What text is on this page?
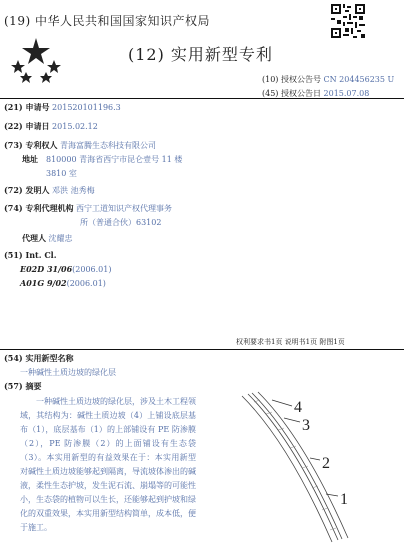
(19) 中华人民共和国国家知识产权局
(12) 实用新型专利
(10) 授权公告号 CN 204456235 U
(45) 授权公告日 2015.07.08
(21) 申请号 201520101196.3
(22) 申请日 2015.02.12
(73) 专利权人 青海富腾生态科技有限公司
地址 810000 青海省西宁市昆仑壹号 11 楼
3810 室
(72) 发明人 邓洪 池秀梅
(74) 专利代理机构 西宁工道知识产权代理事务
所（普通合伙）63102
代理人 沈耀忠
(51) Int. Cl.
E02D 31/06(2006.01)
A01G 9/02(2006.01)
权利要求书1页 说明书1页 附图1页
(54) 实用新型名称
一种碱性土质边坡的绿化层
(57) 摘要
一种碱性土质边坡的绿化层，涉及土木工程领域，其结构为：碱性土质边坡（4）上铺设底层基布（1），底层基布（1）的上部铺设有 PE 防渗膜（2），PE 防渗膜（2）的上面铺设有生态袋（3）。本实用新型的有益效果在于：本实用新型对碱性土质边坡能够起到隔离，导流坡体渗出的碱液，柔性生态护坡，发生泥石流、崩塌等的可能性小，生态袋的植物可以生长，还能够起到护坡和绿化的双重效果，本实用新型结构简单，成本低，便于施工。
4
3
2
1
